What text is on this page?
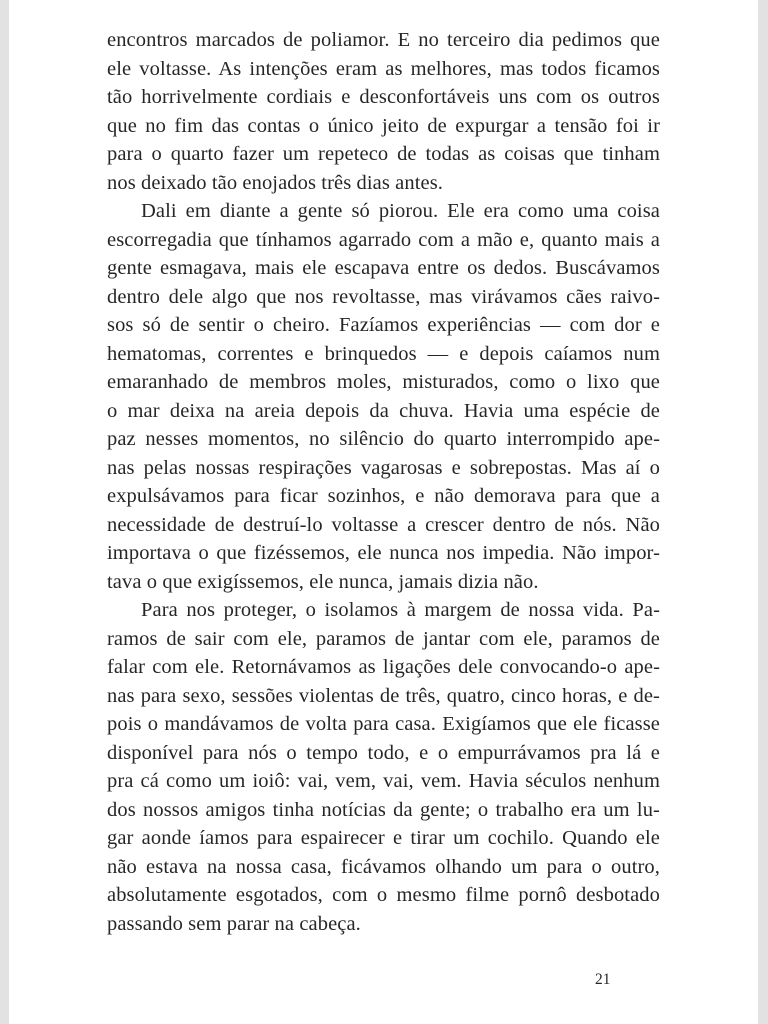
encontros marcados de poliamor. E no terceiro dia pedimos que
ele voltasse. As intenções eram as melhores, mas todos ficamos
tão horrivelmente cordiais e desconfortáveis uns com os outros
que no fim das contas o único jeito de expurgar a tensão foi ir
para o quarto fazer um repeteco de todas as coisas que tinham
nos deixado tão enojados três dias antes.
Dali em diante a gente só piorou. Ele era como uma coisa
escorregadia que tínhamos agarrado com a mão e, quanto mais a
gente esmagava, mais ele escapava entre os dedos. Buscávamos
dentro dele algo que nos revoltasse, mas virávamos cães raivo-
sos só de sentir o cheiro. Fazíamos experiências — com dor e
hematomas, correntes e brinquedos — e depois caíamos num
emaranhado de membros moles, misturados, como o lixo que
o mar deixa na areia depois da chuva. Havia uma espécie de
paz nesses momentos, no silêncio do quarto interrompido ape-
nas pelas nossas respirações vagarosas e sobrepostas. Mas aí o
expulsávamos para ficar sozinhos, e não demorava para que a
necessidade de destruí-lo voltasse a crescer dentro de nós. Não
importava o que fizéssemos, ele nunca nos impedia. Não impor-
tava o que exigíssemos, ele nunca, jamais dizia não.
Para nos proteger, o isolamos à margem de nossa vida. Pa-
ramos de sair com ele, paramos de jantar com ele, paramos de
falar com ele. Retornávamos as ligações dele convocando-o ape-
nas para sexo, sessões violentas de três, quatro, cinco horas, e de-
pois o mandávamos de volta para casa. Exigíamos que ele ficasse
disponível para nós o tempo todo, e o empurrávamos pra lá e
pra cá como um ioiô: vai, vem, vai, vem. Havia séculos nenhum
dos nossos amigos tinha notícias da gente; o trabalho era um lu-
gar aonde íamos para espairecer e tirar um cochilo. Quando ele
não estava na nossa casa, ficávamos olhando um para o outro,
absolutamente esgotados, com o mesmo filme pornô desbotado
passando sem parar na cabeça.
21
